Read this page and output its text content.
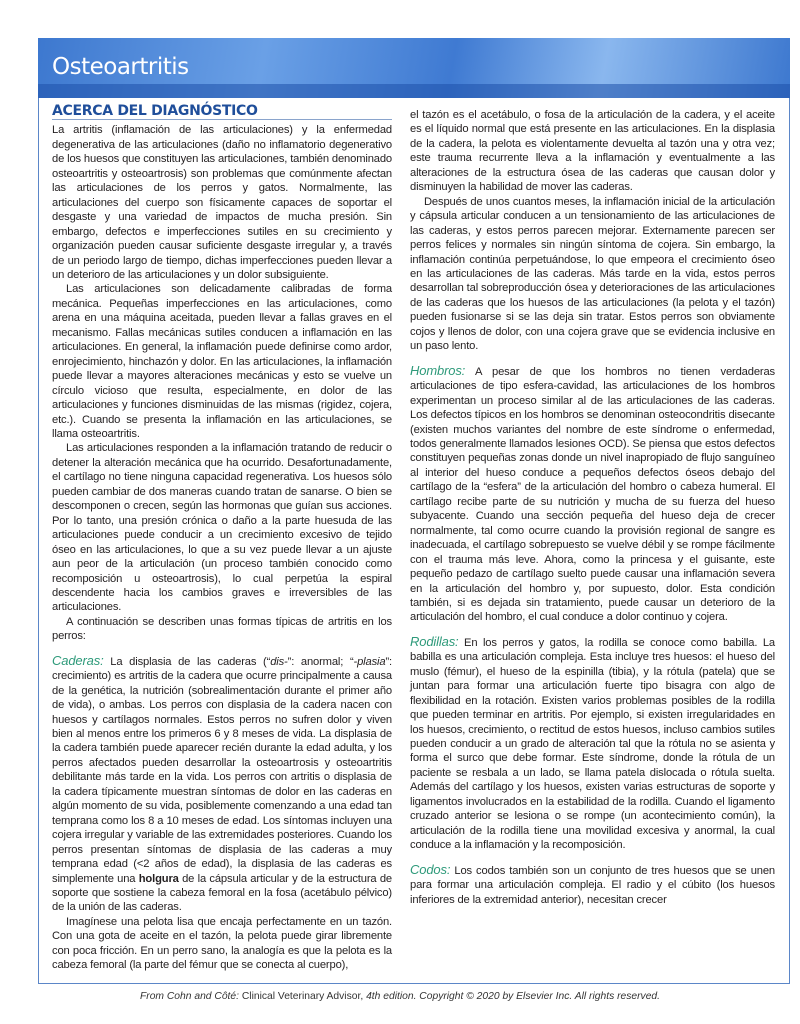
Osteoartritis
ACERCA DEL DIAGNÓSTICO

La artritis (inflamación de las articulaciones) y la enfermedad degenerativa de las articulaciones (daño no inflamatorio degenerativo de los huesos que constituyen las articulaciones, también denominado osteoartritis y osteoartrosis) son problemas que comúnmente afectan las articulaciones de los perros y gatos. Normalmente, las articulaciones del cuerpo son físicamente capaces de soportar el desgaste y una variedad de impactos de mucha presión. Sin embargo, defectos e imperfecciones sutiles en su crecimiento y organización pueden causar suficiente desgaste irregular y, a través de un periodo largo de tiempo, dichas imperfecciones pueden llevar a un deterioro de las articulaciones y un dolor subsiguiente.

Las articulaciones son delicadamente calibradas de forma mecánica. Pequeñas imperfecciones en las articulaciones, como arena en una máquina aceitada, pueden llevar a fallas graves en el mecanismo. Fallas mecánicas sutiles conducen a inflamación en las articulaciones. En general, la inflamación puede definirse como ardor, enrojecimiento, hinchazón y dolor. En las articulaciones, la inflamación puede llevar a mayores alteraciones mecánicas y esto se vuelve un círculo vicioso que resulta, especialmente, en dolor de las articulaciones y funciones disminuidas de las mismas (rigidez, cojera, etc.). Cuando se presenta la inflamación en las articulaciones, se llama osteoartritis.

Las articulaciones responden a la inflamación tratando de reducir o detener la alteración mecánica que ha ocurrido. Desafortunadamente, el cartílago no tiene ninguna capacidad regenerativa. Los huesos sólo pueden cambiar de dos maneras cuando tratan de sanarse. O bien se descomponen o crecen, según las hormonas que guían sus acciones. Por lo tanto, una presión crónica o daño a la parte huesuda de las articulaciones puede conducir a un crecimiento excesivo de tejido óseo en las articulaciones, lo que a su vez puede llevar a un ajuste aun peor de la articulación (un proceso también conocido como recomposición u osteoartrosis), lo cual perpetúa la espiral descendente hacia los cambios graves e irreversibles de las articulaciones.

A continuación se describen unas formas típicas de artritis en los perros:

Caderas: La displasia de las caderas (“dis-”: anormal; “-plasia”: crecimiento) es artritis de la cadera que ocurre principalmente a causa de la genética, la nutrición (sobrealimentación durante el primer año de vida), o ambas. Los perros con displasia de la cadera nacen con huesos y cartílagos normales. Estos perros no sufren dolor y viven bien al menos entre los primeros 6 y 8 meses de vida. La displasia de la cadera también puede aparecer recién durante la edad adulta, y los perros afectados pueden desarrollar la osteoartrosis y osteoartritis debilitante más tarde en la vida. Los perros con artritis o displasia de la cadera típicamente muestran síntomas de dolor en las caderas en algún momento de su vida, posiblemente comenzando a una edad tan temprana como los 8 a 10 meses de edad. Los síntomas incluyen una cojera irregular y variable de las extremidades posteriores. Cuando los perros presentan síntomas de displasia de las caderas a muy temprana edad (<2 años de edad), la displasia de las caderas es simplemente una holgura de la cápsula articular y de la estructura de soporte que sostiene la cabeza femoral en la fosa (acetábulo pélvico) de la unión de las caderas.

Imagínese una pelota lisa que encaja perfectamente en un tazón. Con una gota de aceite en el tazón, la pelota puede girar libremente con poca fricción. En un perro sano, la analogía es que la pelota es la cabeza femoral (la parte del fémur que se conecta al cuerpo),

el tazón es el acetábulo, o fosa de la articulación de la cadera, y el aceite es el líquido normal que está presente en las articulaciones. En la displasia de la cadera, la pelota es violentamente devuelta al tazón una y otra vez; este trauma recurrente lleva a la inflamación y eventualmente a las alteraciones de la estructura ósea de las caderas que causan dolor y disminuyen la habilidad de mover las caderas.

Después de unos cuantos meses, la inflamación inicial de la articulación y cápsula articular conducen a un tensionamiento de las articulaciones de las caderas, y estos perros parecen mejorar. Externamente parecen ser perros felices y normales sin ningún síntoma de cojera. Sin embargo, la inflamación continúa perpetuándose, lo que empeora el crecimiento óseo en las articulaciones de las caderas. Más tarde en la vida, estos perros desarrollan tal sobreproducción ósea y deterioraciones de las articulaciones de las caderas que los huesos de las articulaciones (la pelota y el tazón) pueden fusionarse si se las deja sin tratar. Estos perros son obviamente cojos y llenos de dolor, con una cojera grave que se evidencia inclusive en un paso lento.

Hombros: A pesar de que los hombros no tienen verdaderas articulaciones de tipo esfera-cavidad, las articulaciones de los hombros experimentan un proceso similar al de las articulaciones de las caderas. Los defectos típicos en los hombros se denominan osteocondritis disecante (existen muchos variantes del nombre de este síndrome o enfermedad, todos generalmente llamados lesiones OCD). Se piensa que estos defectos constituyen pequeñas zonas donde un nivel inapropiado de flujo sanguíneo al interior del hueso conduce a pequeños defectos óseos debajo del cartílago de la “esfera” de la articulación del hombro o cabeza humeral. El cartílago recibe parte de su nutrición y mucha de su fuerza del hueso subyacente. Cuando una sección pequeña del hueso deja de crecer normalmente, tal como ocurre cuando la provisión regional de sangre es inadecuada, el cartílago sobrepuesto se vuelve débil y se rompe fácilmente con el trauma más leve. Ahora, como la princesa y el guisante, este pequeño pedazo de cartílago suelto puede causar una inflamación severa en la articulación del hombro y, por supuesto, dolor. Esta condición también, si es dejada sin tratamiento, puede causar un deterioro de la articulación del hombro, el cual conduce a dolor continuo y cojera.

Rodillas: En los perros y gatos, la rodilla se conoce como babilla. La babilla es una articulación compleja. Esta incluye tres huesos: el hueso del muslo (fémur), el hueso de la espinilla (tibia), y la rótula (patela) que se juntan para formar una articulación fuerte tipo bisagra con algo de flexibilidad en la rotación. Existen varios problemas posibles de la rodilla que pueden terminar en artritis. Por ejemplo, si existen irregularidades en los huesos, crecimiento, o rectitud de estos huesos, incluso cambios sutiles pueden conducir a un grado de alteración tal que la rótula no se asienta y forma el surco que debe formar. Este síndrome, donde la rótula de un paciente se resbala a un lado, se llama patela dislocada o rótula suelta. Además del cartílago y los huesos, existen varias estructuras de soporte y ligamentos involucrados en la estabilidad de la rodilla. Cuando el ligamento cruzado anterior se lesiona o se rompe (un acontecimiento común), la articulación de la rodilla tiene una movilidad excesiva y anormal, la cual conduce a la inflamación y la recomposición.

Codos: Los codos también son un conjunto de tres huesos que se unen para formar una articulación compleja. El radio y el cúbito (los huesos inferiores de la extremidad anterior), necesitan crecer

From Cohn and Côté: Clinical Veterinary Advisor, 4th edition. Copyright © 2020 by Elsevier Inc. All rights reserved.
